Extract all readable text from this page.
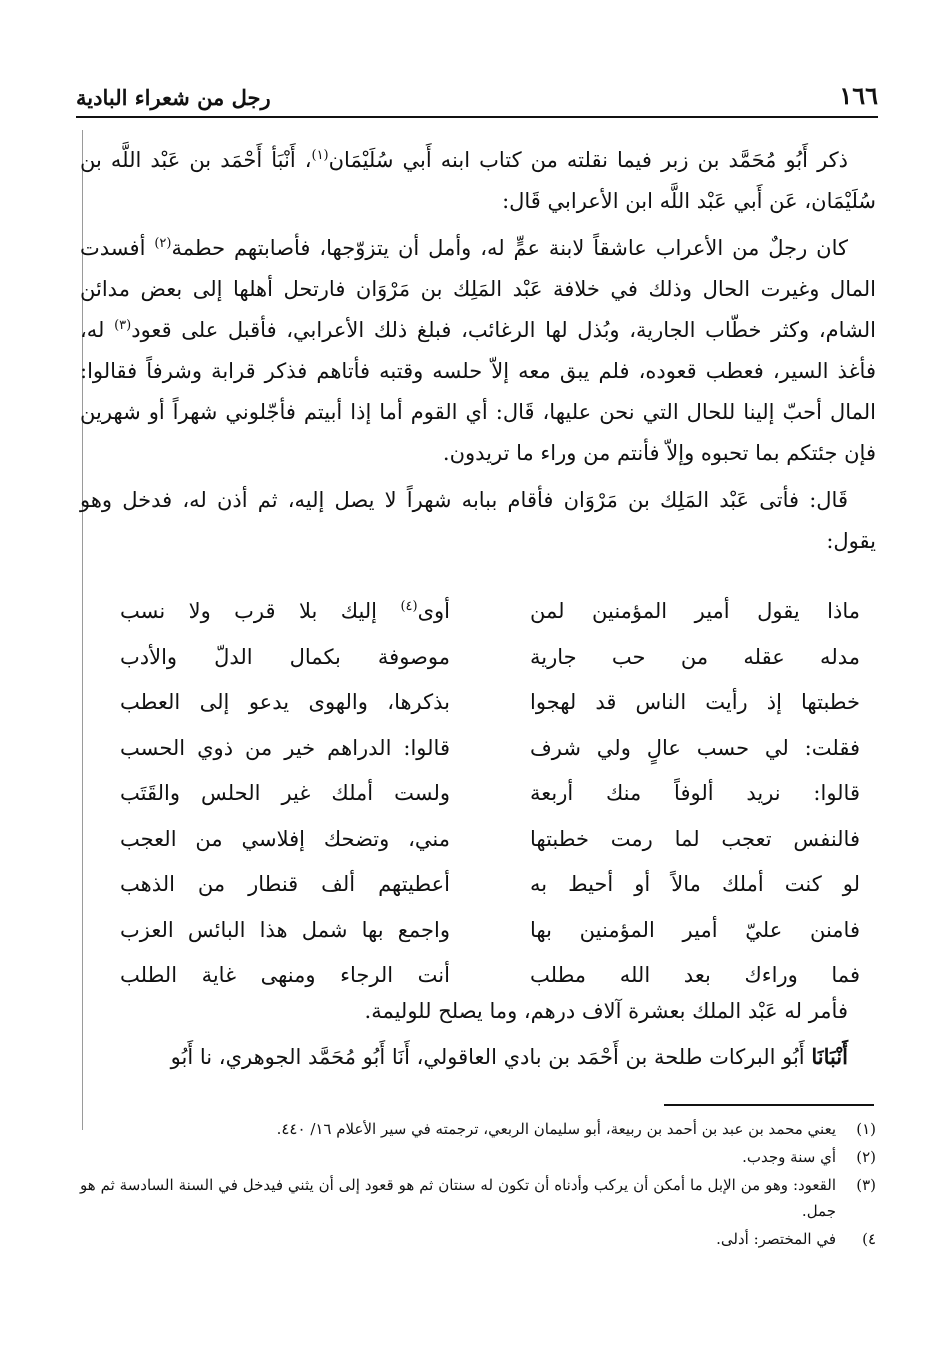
١٦٦
رجل من شعراء البادية

ذكر أَبُو مُحَمَّد بن زبر فيما نقلته من كتاب ابنه أَبي سُلَيْمَان$^{(١)}$، أَنْبَأ أَحْمَد بن عَبْد اللَّه بن سُلَيْمَان، عَن أَبي عَبْد اللَّه ابن الأعرابي قَال:

كان رجلٌ من الأعراب عاشقاً لابنة عمٍّ له، وأمل أن يتزوّجها، فأصابتهم حطمة$^{(٢)}$ أفسدت المال وغيرت الحال وذلك في خلافة عَبْد المَلِك بن مَرْوَان فارتحل أهلها إلى بعض مدائن الشام، وكثر خطّاب الجارية، وبُذل لها الرغائب، فبلغ ذلك الأعرابي، فأقبل على قعود$^{(٣)}$ له، فأغذ السير، فعطب قعوده، فلم يبق معه إلاّ حلسه وقتبه فأتاهم فذكر قرابة وشرفاً فقالوا: المال أحبّ إلينا للحال التي نحن عليها، قَال: أي القوم أما إذا أبيتم فأجّلوني شهراً أو شهرين فإن جئتكم بما تحبوه وإلاّ فأنتم من وراء ما تريدون.

قَال: فأتى عَبْد المَلِك بن مَرْوَان فأقام ببابه شهراً لا يصل إليه، ثم أذن له، فدخل وهو يقول:

ماذا يقول أمير المؤمنين لمن
أوى$^{(٤)}$ إليك بلا قرب ولا نسب
مدله عقله من حب جارية
موصوفة بكمال الدلّ والأدب
خطبتها إذ رأيت الناس قد لهجوا
بذكرها، والهوى يدعو إلى العطب
فقلت: لي حسب عالٍ ولي شرف
قالوا: الدراهم خير من ذوي الحسب
قالوا: نريد ألوفاً منك أربعة
ولست أملك غير الحلس والقَتَب
فالنفس تعجب لما رمت خطبتها
مني، وتضحك إفلاسي من العجب
لو كنت أملك مالاً أو أحيط به
أعطيتهم ألف قنطار من الذهب
فامنن عليّ أمير المؤمنين بها
واجمع بها شمل هذا البائس العزب
فما وراءك بعد الله مطلب
أنت الرجاء ومنهى غاية الطلب

فأمر له عَبْد الملك بعشرة آلاف درهم، وما يصلح للوليمة.

أَنْبَانَا أَبُو البركات طلحة بن أَحْمَد بن بادي العاقولي، أَنَا أَبُو مُحَمَّد الجوهري، نا أَبُو

(١)
يعني محمد بن عبد بن أحمد بن ربيعة، أبو سليمان الربعي، ترجمته في سير الأعلام ١٦/ ٤٤٠.
(٢)
أي سنة وجدب.
(٣)
القعود: وهو من الإبل ما أمكن أن يركب وأدناه أن تكون له سنتان ثم هو قعود إلى أن يثني فيدخل في السنة السادسة ثم هو جمل.
٤)
في المختصر: أدلى.
